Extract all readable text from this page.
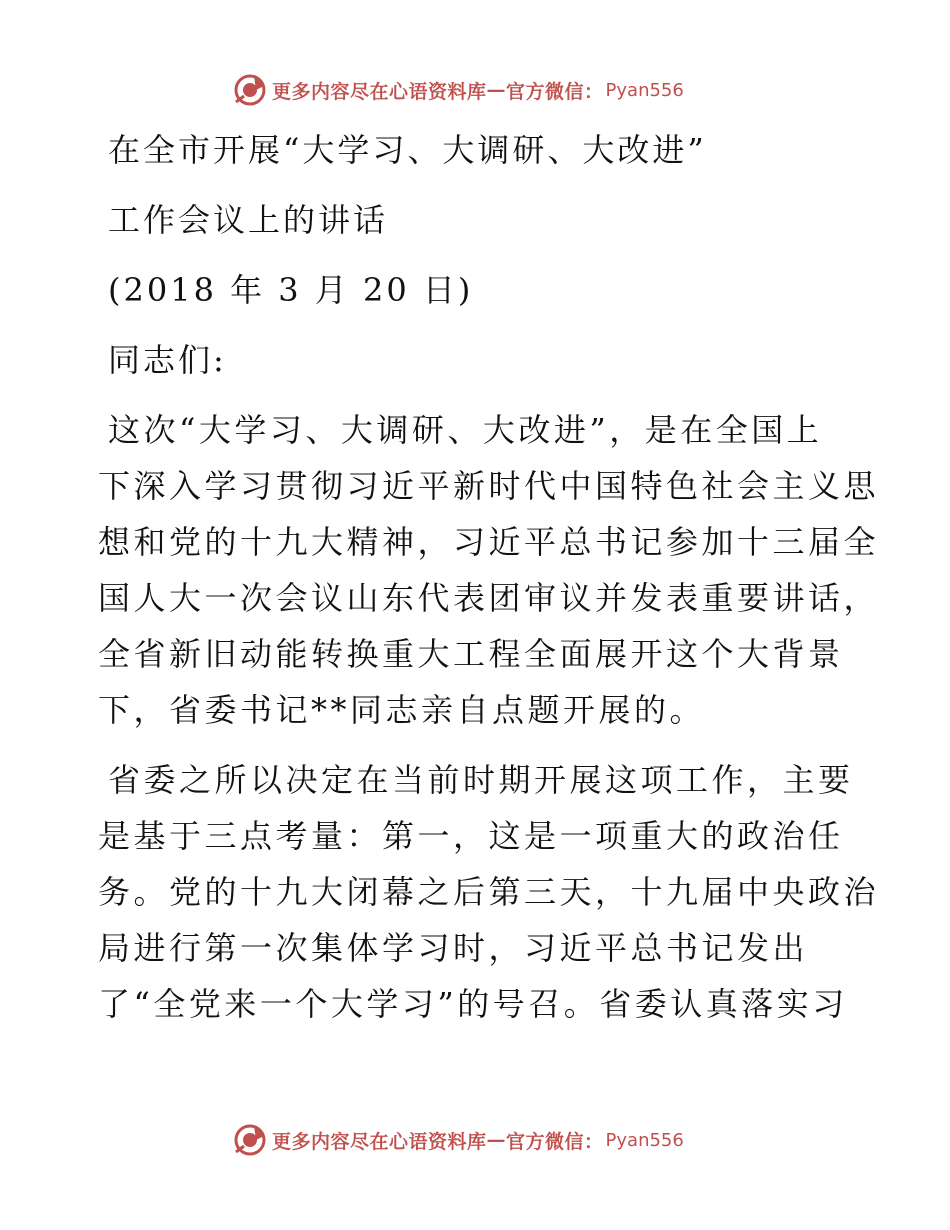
更多内容尽在心语资料库 — 官方微信： Pyan556

在全市开展“大学习、大调研、大改进”

工作会议上的讲话

(2018 年 3 月 20 日)

同志们:

这次“大学习、大调研、大改进”，是在全国上

下深入学习贯彻习近平新时代中国特色社会主义思

想和党的十九大精神，习近平总书记参加十三届全

国人大一次会议山东代表团审议并发表重要讲话，

全省新旧动能转换重大工程全面展开这个大背景

下，省委书记**同志亲自点题开展的。

省委之所以决定在当前时期开展这项工作，主要

是基于三点考量：第一，这是一项重大的政治任

务。党的十九大闭幕之后第三天，十九届中央政治

局进行第一次集体学习时，习近平总书记发出

了“全党来一个大学习”的号召。省委认真落实习

更多内容尽在心语资料库 — 官方微信： Pyan556
